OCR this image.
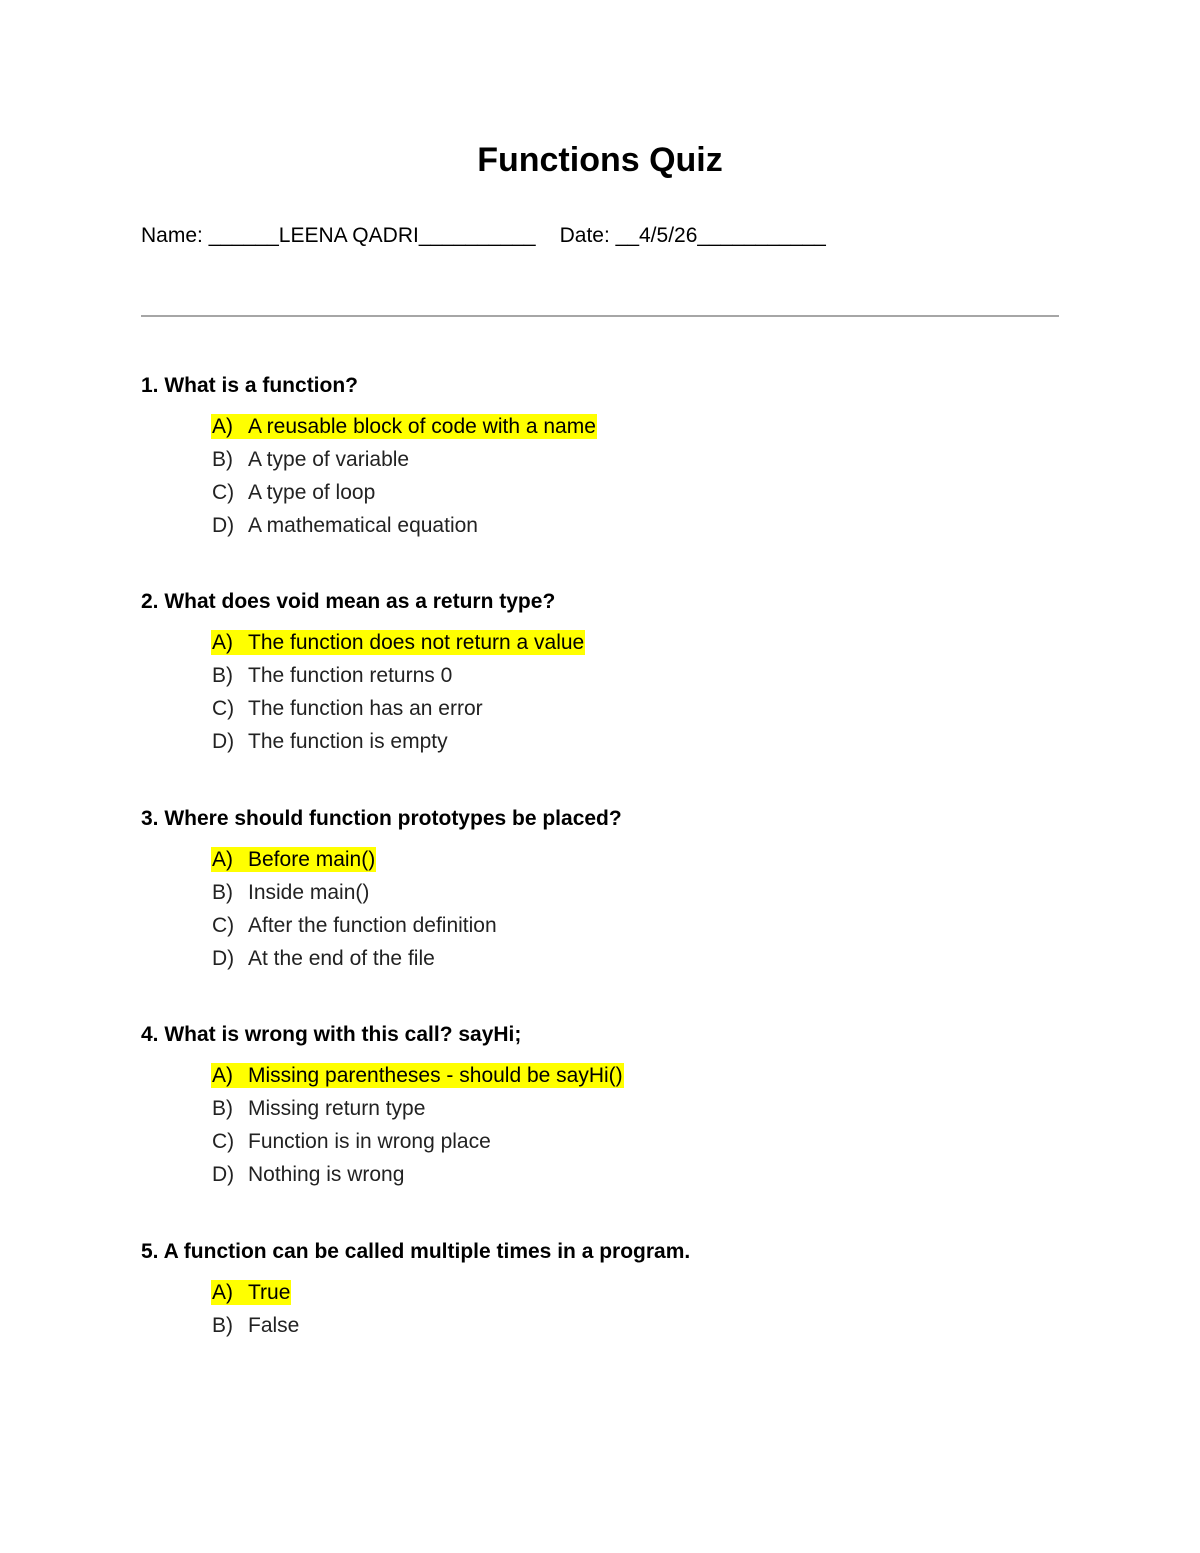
Functions Quiz
Name: ______LEENA QADRI__________ Date: __4/5/26___________

1. What is a function?

A) A reusable block of code with a name
B) A type of variable
C) A type of loop
D) A mathematical equation

2. What does void mean as a return type?

A) The function does not return a value
B) The function returns 0
C) The function has an error
D) The function is empty

3. Where should function prototypes be placed?

A) Before main()
B) Inside main()
C) After the function definition
D) At the end of the file

4. What is wrong with this call? sayHi;

A) Missing parentheses - should be sayHi()
B) Missing return type
C) Function is in wrong place
D) Nothing is wrong

5. A function can be called multiple times in a program.

A) True
B) False
